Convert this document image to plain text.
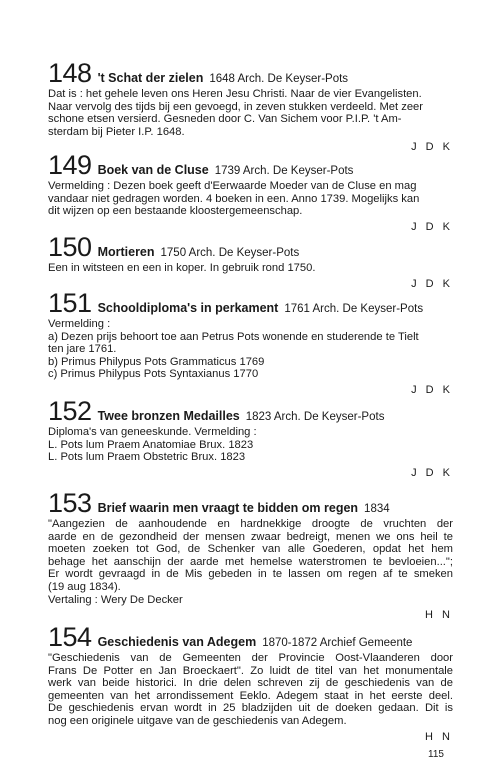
148 't Schat der zielen 1648 Arch. De Keyser-Pots
Dat is : het gehele leven ons Heren Jesu Christi. Naar de vier Evangelisten.
Naar vervolg des tijds bij een gevoegd, in zeven stukken verdeeld. Met zeer
schone etsen versierd. Gesneden door C. Van Sichem voor P.I.P. 't Am-
sterdam bij Pieter I.P. 1648.
J D K
149 Boek van de Cluse 1739 Arch. De Keyser-Pots
Vermelding : Dezen boek geeft d'Eerwaarde Moeder van de Cluse en mag
vandaar niet gedragen worden. 4 boeken in een. Anno 1739. Mogelijks kan
dit wijzen op een bestaande kloostergemeenschap.
J D K
150 Mortieren 1750 Arch. De Keyser-Pots
Een in witsteen en een in koper. In gebruik rond 1750.
J D K
151 Schooldiploma's in perkament 1761 Arch. De Keyser-Pots
Vermelding :
a) Dezen prijs behoort toe aan Petrus Pots wonende en studerende te Tielt
ten jare 1761.
b) Primus Philypus Pots Grammaticus 1769
c) Primus Philypus Pots Syntaxianus 1770
J D K
152 Twee bronzen Medailles 1823 Arch. De Keyser-Pots
Diploma's van geneeskunde. Vermelding :
L. Pots lum Praem Anatomiae Brux. 1823
L. Pots lum Praem Obstetric Brux. 1823
J D K
153 Brief waarin men vraagt te bidden om regen 1834
"Aangezien de aanhoudende en hardnekkige droogte de vruchten der
aarde en de gezondheid der mensen zwaar bedreigt, menen we ons heil te
moeten zoeken tot God, de Schenker van alle Goederen, opdat het hem
behage het aanschijn der aarde met hemelse waterstromen te bevloeien...";
Er wordt gevraagd in de Mis gebeden in te lassen om regen af te smeken
(19 aug 1834).
Vertaling : Wery De Decker
H N
154 Geschiedenis van Adegem 1870-1872 Archief Gemeente
"Geschiedenis van de Gemeenten der Provincie Oost-Vlaanderen door
Frans De Potter en Jan Broeckaert". Zo luidt de titel van het monumentale
werk van beide historici. In drie delen schreven zij de geschiedenis van de
gemeenten van het arrondissement Eeklo. Adegem staat in het eerste deel.
De geschiedenis ervan wordt in 25 bladzijden uit de doeken gedaan. Dit is
nog een originele uitgave van de geschiedenis van Adegem.
H N
115
